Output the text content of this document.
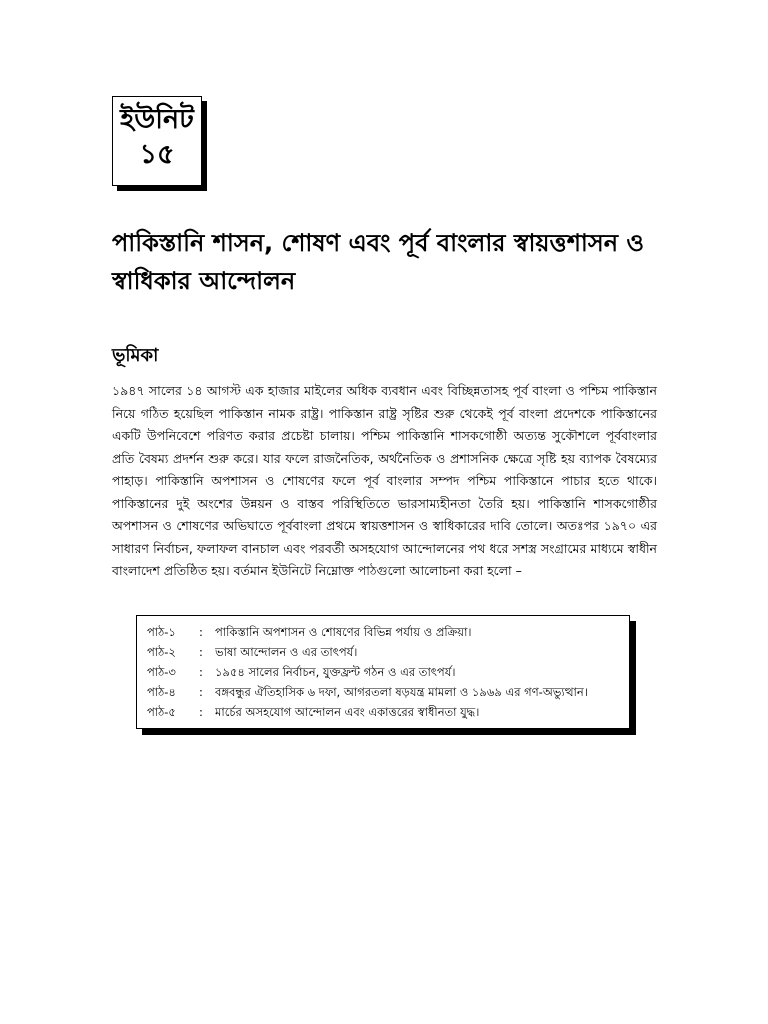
ইউনিট
১৫
পাকিস্তানি শাসন, শোষণ এবং পূর্ব বাংলার স্বায়ত্তশাসন ও স্বাধিকার আন্দোলন
ভূমিকা

১৯৪৭ সালের ১৪ আগস্ট এক হাজার মাইলের অধিক ব্যবধান এবং বিচ্ছিন্নতাসহ পূর্ব বাংলা ও পশ্চিম পাকিস্তান নিয়ে গঠিত হয়েছিল পাকিস্তান নামক রাষ্ট্র। পাকিস্তান রাষ্ট্র সৃষ্টির শুরু থেকেই পূর্ব বাংলা প্রদেশকে পাকিস্তানের একটি উপনিবেশে পরিণত করার প্রচেষ্টা চালায়। পশ্চিম পাকিস্তানি শাসকগোষ্ঠী অত্যন্ত সুকৌশলে পূর্ববাংলার প্রতি বৈষম্য প্রদর্শন শুরু করে। যার ফলে রাজনৈতিক, অর্থনৈতিক ও প্রশাসনিক ক্ষেত্রে সৃষ্টি হয় ব্যাপক বৈষম্যের পাহাড়। পাকিস্তানি অপশাসন ও শোষণের ফলে পূর্ব বাংলার সম্পদ পশ্চিম পাকিস্তানে পাচার হতে থাকে। পাকিস্তানের দুই অংশের উন্নয়ন ও বাস্তব পরিস্থিতিতে ভারসাম্যহীনতা তৈরি হয়। পাকিস্তানি শাসকগোষ্ঠীর অপশাসন ও শোষণের অভিঘাতে পূর্ববাংলা প্রথমে স্বায়ত্তশাসন ও স্বাধিকারের দাবি তোলে। অতঃপর ১৯৭০ এর সাধারণ নির্বাচন, ফলাফল বানচাল এবং পরবর্তী অসহযোগ আন্দোলনের পথ ধরে সশস্ত্র সংগ্রামের মাধ্যমে স্বাধীন বাংলাদেশ প্রতিষ্ঠিত হয়। বর্তমান ইউনিটে নিম্নোক্ত পাঠগুলো আলোচনা করা হলো –

পাঠ-১	:	পাকিস্তানি অপশাসন ও শোষণের বিভিন্ন পর্যায় ও প্রক্রিয়া।
পাঠ-২	:	ভাষা আন্দোলন ও এর তাৎপর্য।
পাঠ-৩	:	১৯৫৪ সালের নির্বাচন, যুক্তফ্রন্ট গঠন ও এর তাৎপর্য।
পাঠ-৪	:	বঙ্গবন্ধুর ঐতিহাসিক ৬ দফা, আগরতলা ষড়যন্ত্র মামলা ও ১৯৬৯ এর গণ-অভ্যুত্থান।
পাঠ-৫	:	মার্চের অসহযোগ আন্দোলন এবং একাত্তরের স্বাধীনতা যুদ্ধ।
